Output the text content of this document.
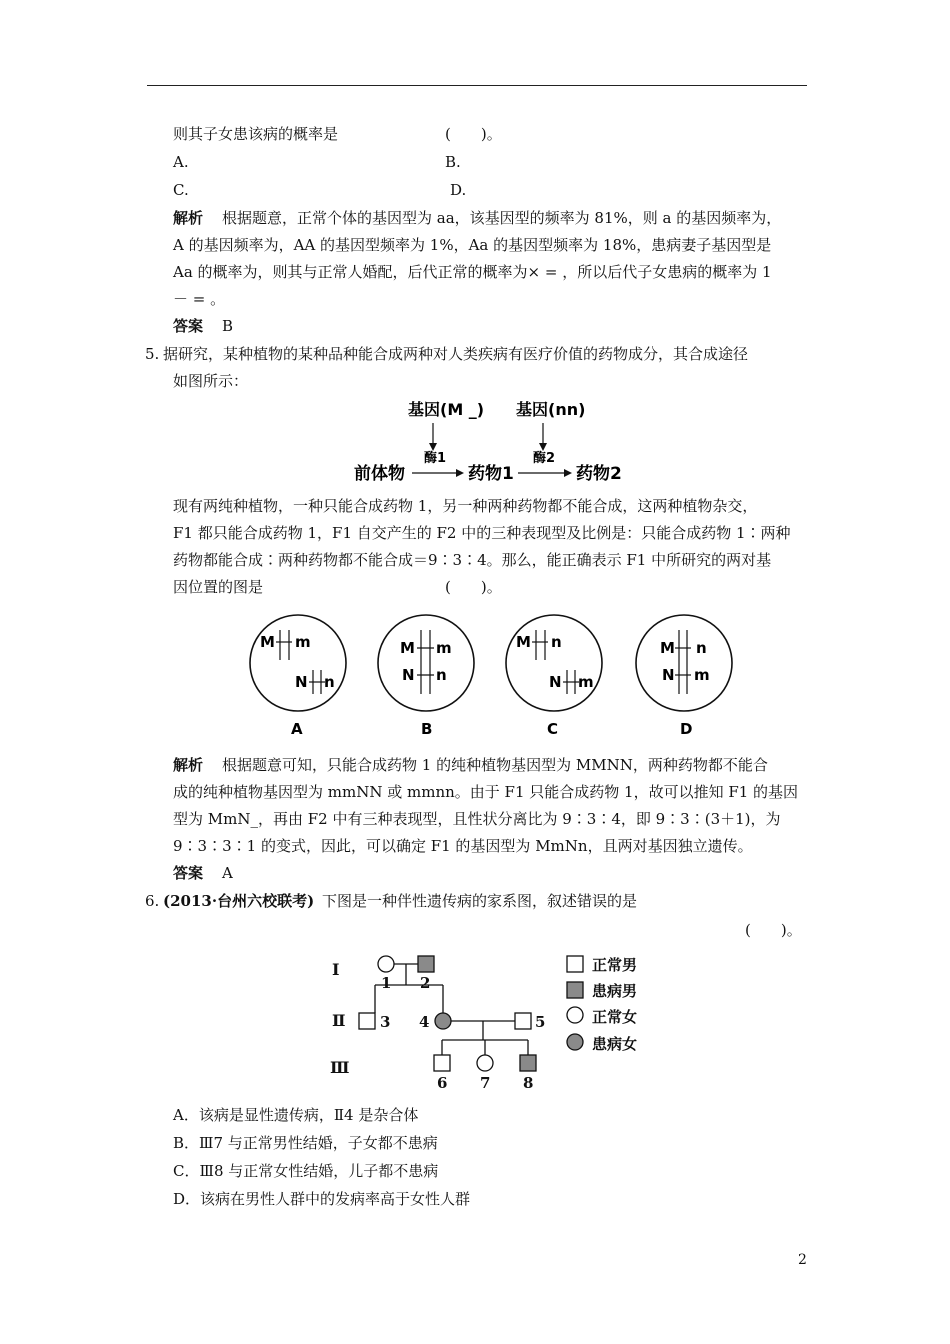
则其子女患该病的概率是	(　　)。
A.	B.
C.	D.
解析 根据题意，正常个体的基因型为 aa，该基因型的频率为 81%，则 a 的基因频率为，
A 的基因频率为，AA 的基因型频率为 1%，Aa 的基因型频率为 18%，患病妻子基因型是
Aa 的概率为，则其与正常人婚配，后代正常的概率为× = ，所以后代子女患病的概率为 1
－ = 。
答案 B
5. 据研究，某种植物的某种品种能合成两种对人类疾病有医疗价值的药物成分，其合成途径
如图所示：
基因(M _) 基因(nn)
前体物
酶1
药物1
酶2
药物2
现有两纯种植物，一种只能合成药物 1，另一种两种药物都不能合成，这两种植物杂交，
F1 都只能合成药物 1，F1 自交产生的 F2 中的三种表现型及比例是：只能合成药物 1∶两种
药物都能合成∶两种药物都不能合成＝9∶3∶4。那么，能正确表示 F1 中所研究的两对基
因位置的图是	(　　)。
M m
N n
A
M m
N n
B
M n
N m
C
M n
N m
D
解析 根据题意可知，只能合成药物 1 的纯种植物基因型为 MMNN，两种药物都不能合
成的纯种植物基因型为 mmNN 或 mmnn。由于 F1 只能合成药物 1，故可以推知 F1 的基因
型为 MmN_，再由 F2 中有三种表现型，且性状分离比为 9∶3∶4，即 9∶3∶(3＋1)，为
9∶3∶3∶1 的变式，因此，可以确定 F1 的基因型为 MmNn，且两对基因独立遗传。
答案 A
6. (2013·台州六校联考) 下图是一种伴性遗传病的家系图，叙述错误的是
(　　)。
Ⅰ
Ⅱ
Ⅲ
1 2
3 4	5
6 7 8
正常男
患病男
正常女
患病女
A．该病是显性遗传病，Ⅱ4 是杂合体
B．Ⅲ7 与正常男性结婚，子女都不患病
C．Ⅲ8 与正常女性结婚，儿子都不患病
D．该病在男性人群中的发病率高于女性人群
2
